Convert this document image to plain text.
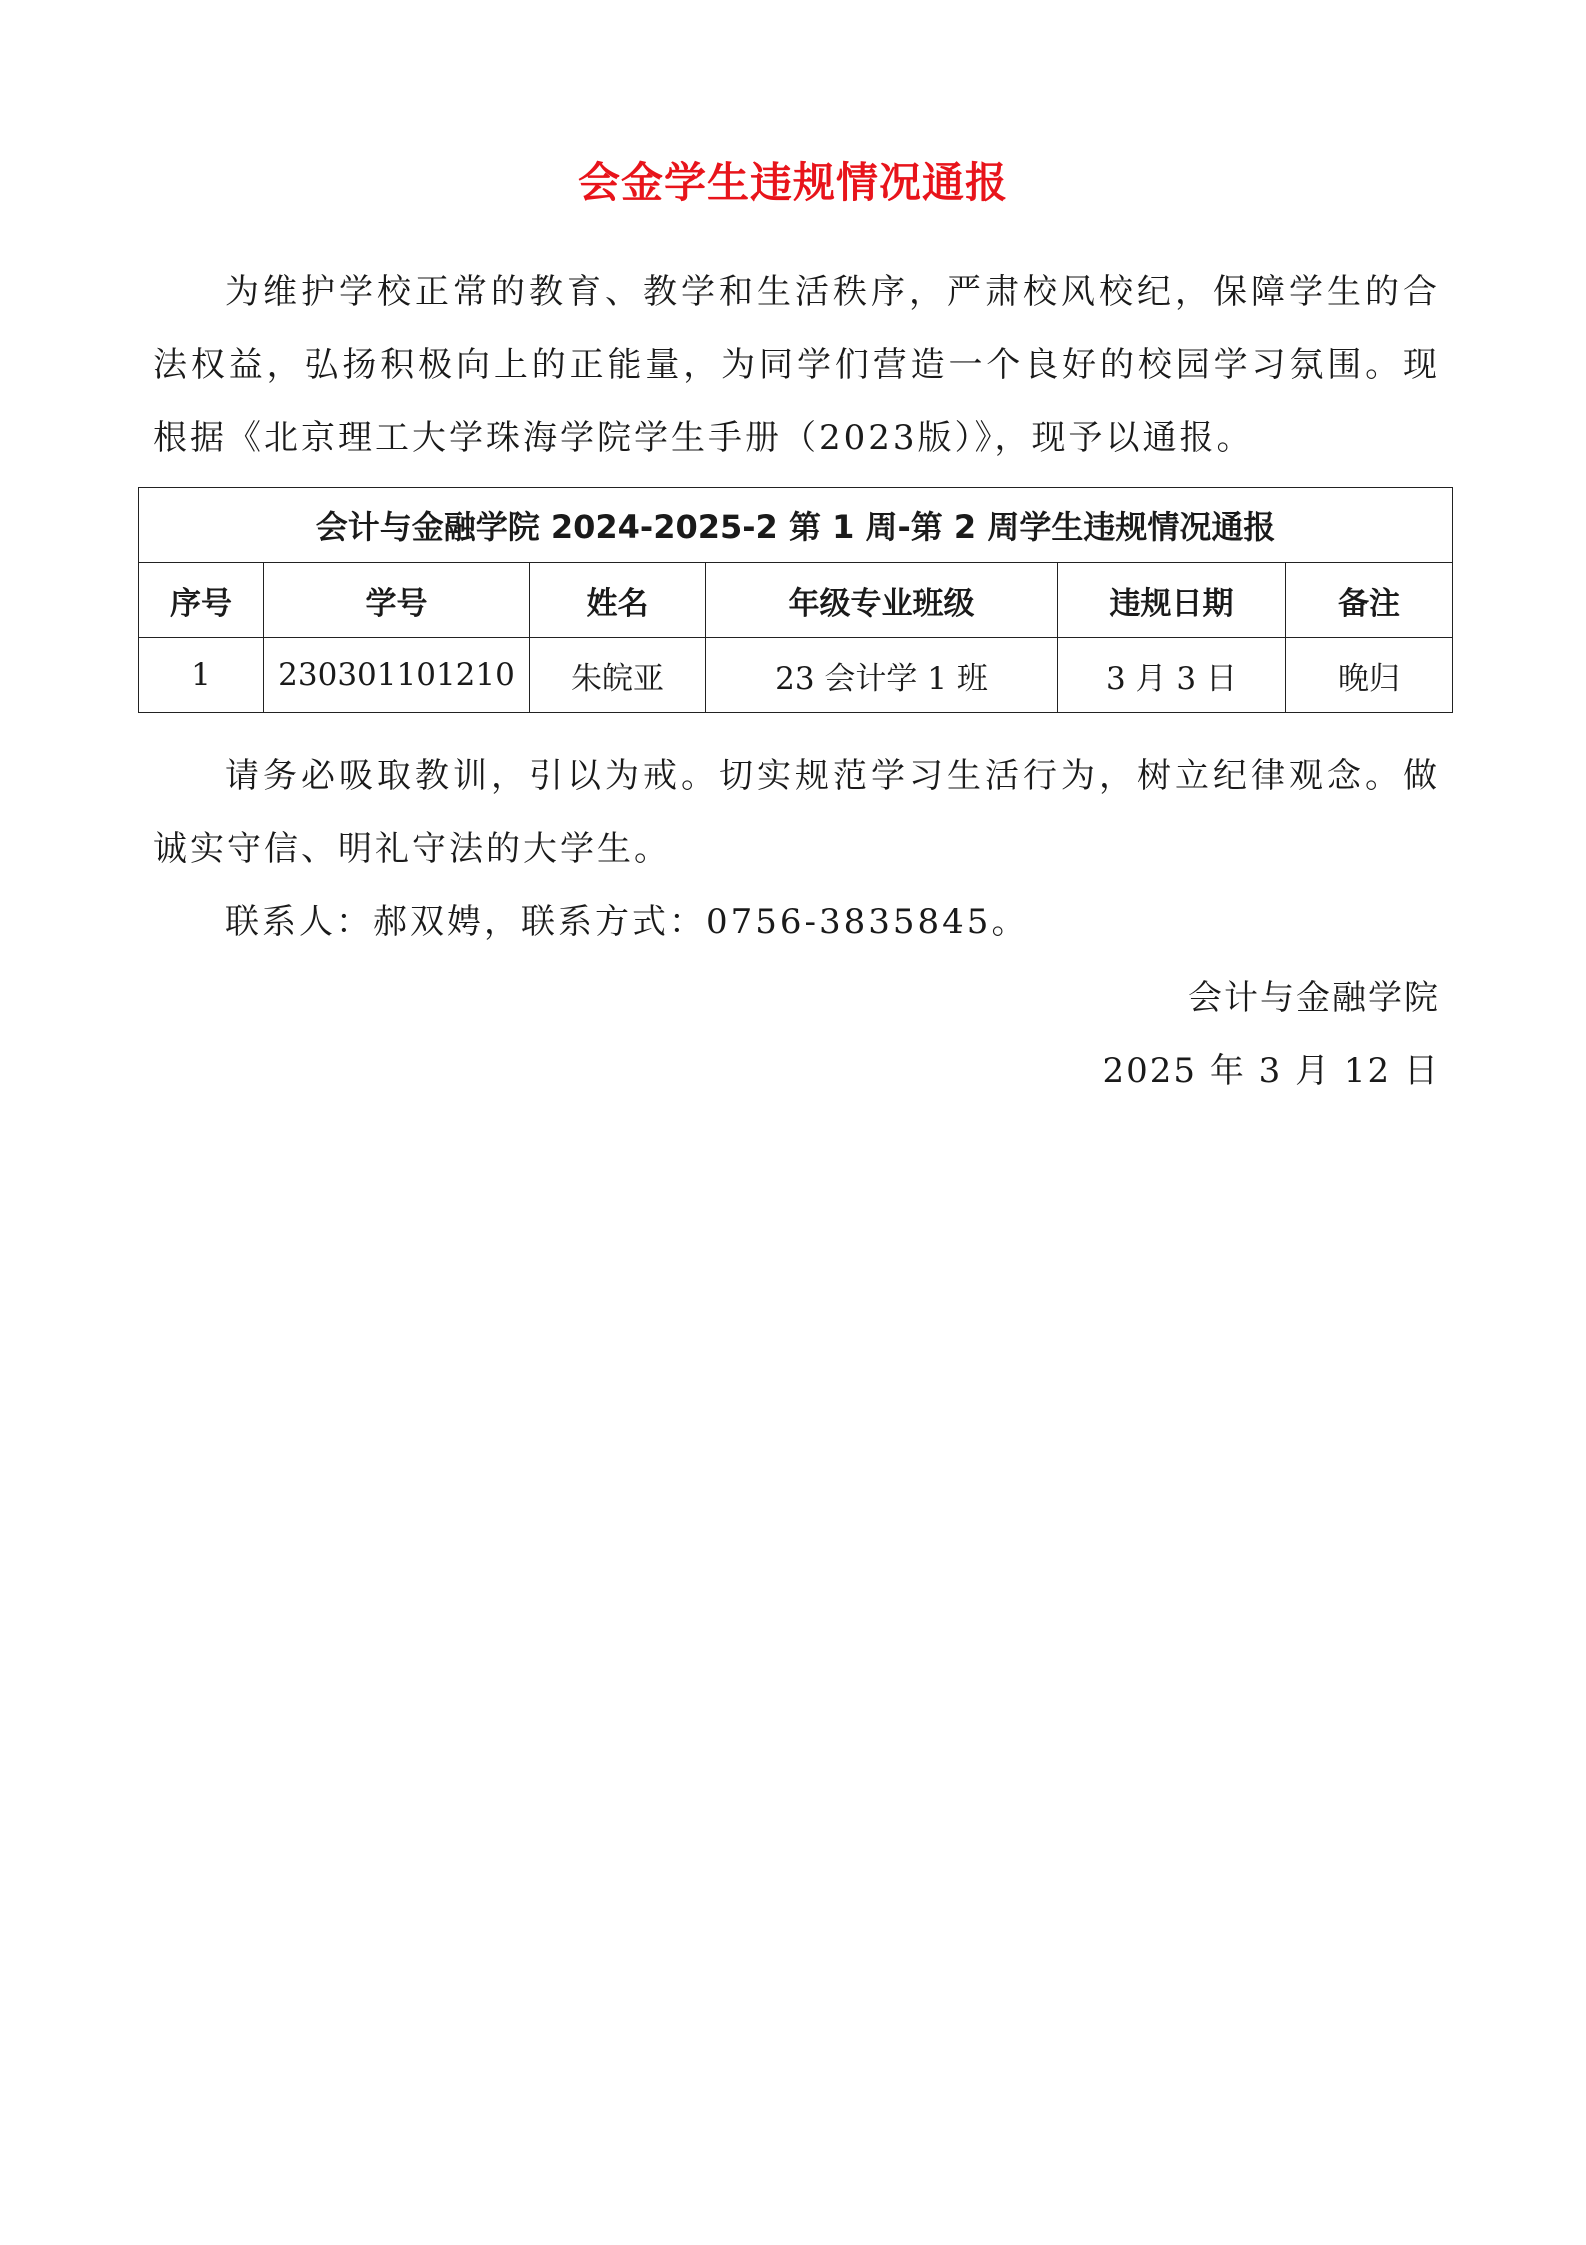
会金学生违规情况通报

为维护学校正常的教育、教学和生活秩序，严肃校风校纪，保障学生的合法权益，弘扬积极向上的正能量，为同学们营造一个良好的校园学习氛围。现根据《北京理工大学珠海学院学生手册（2023版）》，现予以通报。

会计与金融学院 2024-2025-2 第 1 周-第 2 周学生违规情况通报					
序号	学号	姓名	年级专业班级	违规日期	备注
1	230301101210	朱皖亚	23 会计学 1 班	3 月 3 日	晚归

请务必吸取教训，引以为戒。切实规范学习生活行为，树立纪律观念。做诚实守信、明礼守法的大学生。

联系人：郝双娉，联系方式：0756-3835845。

会计与金融学院
2025 年 3 月 12 日
